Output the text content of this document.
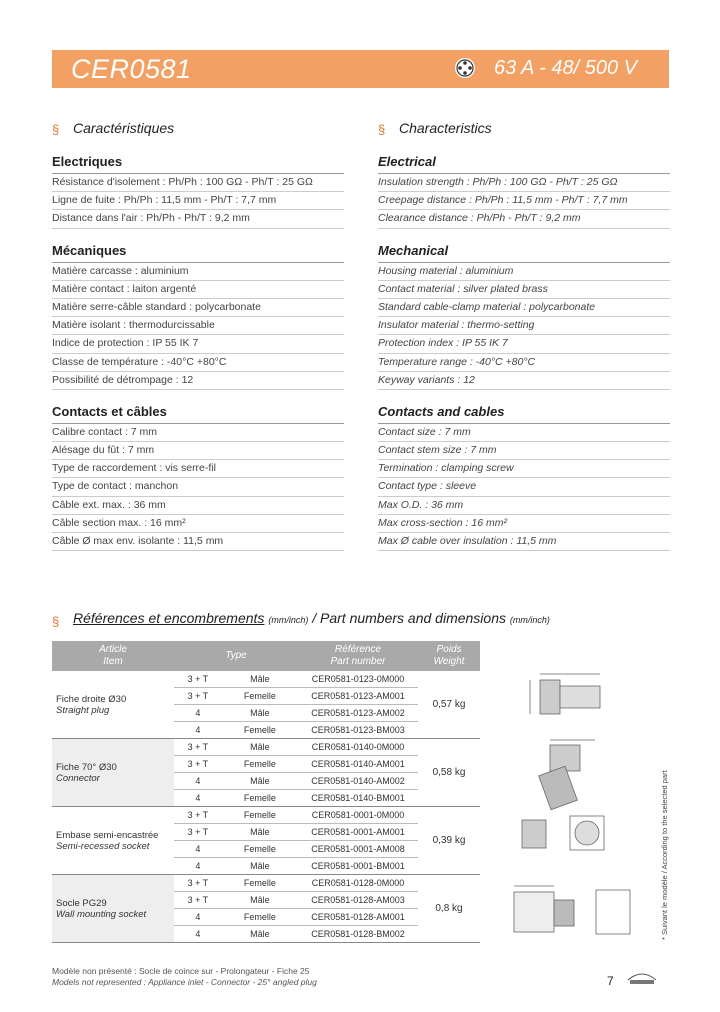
CER0581	63 A - 48/ 500 V
§ Caractéristiques
Electriques
Résistance d'isolement : Ph/Ph : 100 GΩ - Ph/T : 25 GΩ
Ligne de fuite : Ph/Ph : 11,5 mm - Ph/T : 7,7 mm
Distance dans l'air : Ph/Ph - Ph/T : 9,2 mm
Mécaniques
Matière carcasse : aluminium
Matière contact : laiton argenté
Matière serre-câble standard : polycarbonate
Matière isolant : thermodurcissable
Indice de protection : IP 55 IK 7
Classe de température : -40°C +80°C
Possibilité de détrompage : 12
Contacts et câbles
Calibre contact : 7 mm
Alésage du fût : 7 mm
Type de raccordement : vis serre-fil
Type de contact : manchon
Câble ext. max. : 36 mm
Câble section max. : 16 mm²
Câble Ø max env. isolante : 11,5 mm
§ Characteristics
Electrical
Insulation strength : Ph/Ph : 100 GΩ - Ph/T : 25 GΩ
Creepage distance : Ph/Ph : 11,5 mm - Ph/T : 7,7 mm
Clearance distance : Ph/Ph - Ph/T : 9,2 mm
Mechanical
Housing material : aluminium
Contact material : silver plated brass
Standard cable-clamp material : polycarbonate
Insulator material : thermo-setting
Protection index : IP 55 IK 7
Temperature range : -40°C +80°C
Keyway variants : 12
Contacts and cables
Contact size : 7 mm
Contact stem size : 7 mm
Termination : clamping screw
Contact type : sleeve
Max O.D. : 36 mm
Max cross-section : 16 mm²
Max Ø cable over insulation : 11,5 mm
§ Références et encombrements (mm/inch) / Part numbers and dimensions (mm/inch)
Article
Item	Type		Référence
Part number	Poids
Weight

Fiche droite Ø30
Straight plug	3 + T	Mâle	CER0581-0123-0M000	0,57 kg
	3 + T	Femelle	CER0581-0123-AM001	
	4	Mâle	CER0581-0123-AM002	
	4	Femelle	CER0581-0123-BM003	

Fiche 70° Ø30
Connector	3 + T	Mâle	CER0581-0140-0M000	0,58 kg
	3 + T	Femelle	CER0581-0140-AM001	
	4	Mâle	CER0581-0140-AM002	
	4	Femelle	CER0581-0140-BM001	

Embase semi-encastrée
Semi-recessed socket	3 + T	Femelle	CER0581-0001-0M000	0,39 kg
	3 + T	Mâle	CER0581-0001-AM001	
	4	Femelle	CER0581-0001-AM008	
	4	Mâle	CER0581-0001-BM001	

Socle PG29
Wall mounting socket	3 + T	Femelle	CER0581-0128-0M000	0,8 kg
	3 + T	Mâle	CER0581-0128-AM003	
	4	Femelle	CER0581-0128-AM001	
	4	Mâle	CER0581-0128-BM002		* Suivant le modèle / According to the selected part
Modèle non présenté : Socle de coince sur - Prolongateur - Fiche 25
Models not represented : Appliance inlet - Connector - 25° angled plug	7
